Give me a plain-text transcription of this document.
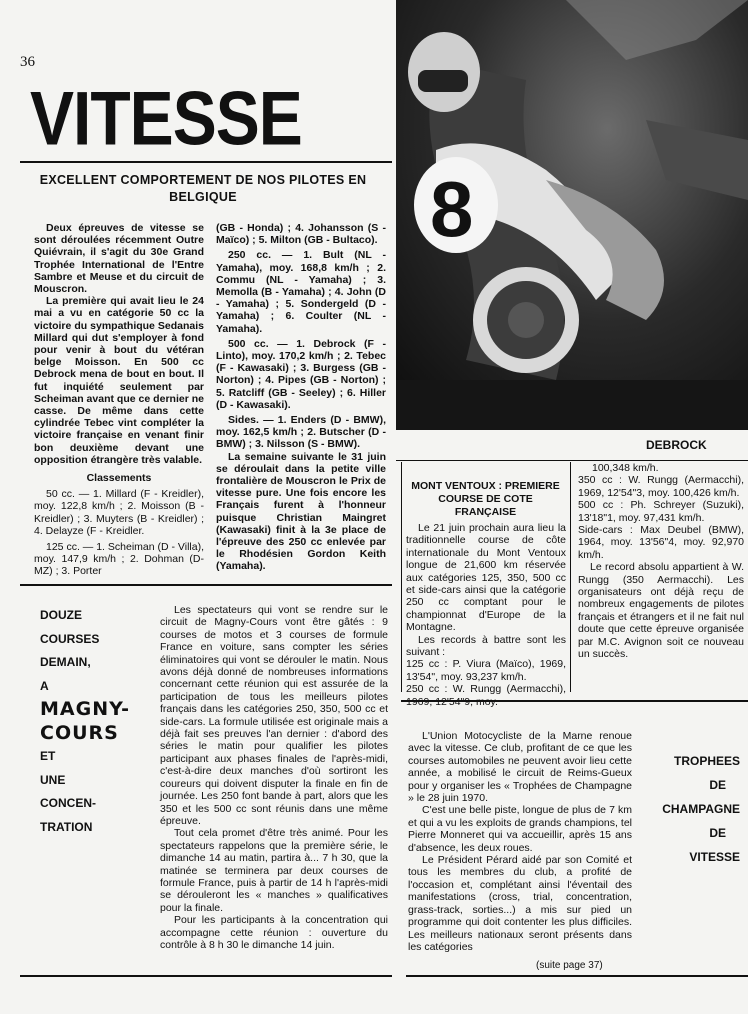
36
VITESSE
EXCELLENT COMPORTEMENT DE NOS PILOTES EN BELGIQUE

Deux épreuves de vitesse se sont déroulées récemment Outre Quiévrain, il s'agit du 30e Grand Trophée International de l'Entre Sambre et Meuse et du circuit de Mouscron.

La première qui avait lieu le 24 mai a vu en catégorie 50 cc la victoire du sympathique Sedanais Millard qui dut s'employer à fond pour venir à bout du vétéran belge Moisson. En 500 cc Debrock mena de bout en bout. Il fut inquiété seulement par Scheiman avant que ce dernier ne casse. De même dans cette cylindrée Tebec vint compléter la victoire française en venant finir bon deuxième devant une opposition étrangère très valable.

Classements

50 cc. — 1. Millard (F - Kreidler), moy. 122,8 km/h ; 2. Moisson (B - Kreidler) ; 3. Muyters (B - Kreidler) ; 4. Delayze (F - Kreidler.

125 cc. — 1. Scheiman (D - Villa), moy. 147,9 km/h ; 2. Dohman (D- MZ) ; 3. Porter

(GB - Honda) ; 4. Johansson (S - Maïco) ; 5. Milton (GB - Bultaco).

250 cc. — 1. Bult (NL - Yamaha), moy. 168,8 km/h ; 2. Commu (NL - Yamaha) ; 3. Memolla (B - Yamaha) ; 4. John (D - Yamaha) ; 5. Sondergeld (D - Yamaha) ; 6. Coulter (NL - Yamaha).

500 cc. — 1. Debrock (F - Linto), moy. 170,2 km/h ; 2. Tebec (F - Kawasaki) ; 3. Burgess (GB - Norton) ; 4. Pipes (GB - Norton) ; 5. Ratcliff (GB - Seeley) ; 6. Hiller (D - Kawasaki).

Sides. — 1. Enders (D - BMW), moy. 162,5 km/h ; 2. Butscher (D - BMW) ; 3. Nilsson (S - BMW).

La semaine suivante le 31 juin se déroulait dans la petite ville frontalière de Mouscron le Prix de vitesse pure. Une fois encore les Français furent à l'honneur puisque Christian Maingret (Kawasaki) finit à la 3e place de l'épreuve des 250 cc enlevée par le Rhodésien Gordon Keith (Yamaha).

8
DEBROCK
MONT VENTOUX : PREMIERE COURSE DE COTE FRANÇAISE
Le 21 juin prochain aura lieu la traditionnelle course de côte internationale du Mont Ventoux longue de 21,600 km réservée aux catégories 125, 350, 500 cc et side-cars ainsi que la catégorie 250 cc comptant pour le championnat d'Europe de la Montagne.
Les records à battre sont les suivant :
125 cc : P. Viura (Maïco), 1969, 13'54", moy. 93,237 km/h.
250 cc : W. Rungg (Aermacchi), 1969, 12'54"9, moy.
100,348 km/h.
350 cc : W. Rungg (Aermacchi), 1969, 12'54"3, moy. 100,426 km/h.
500 cc : Ph. Schreyer (Suzuki), 13'18"1, moy. 97,431 km/h.
Side-cars : Max Deubel (BMW), 1964, moy. 13'56"4, moy. 92,970 km/h.
Le record absolu appartient à W. Rungg (350 Aermacchi). Les organisateurs ont déjà reçu de nombreux engagements de pilotes français et étrangers et il ne fait nul doute que cette épreuve organisée par M.C. Avignon soit ce nouveau un succès.
DOUZE
COURSES
DEMAIN,
A
MAGNY-
COURS
ET
UNE
CONCEN-
TRATION
Les spectateurs qui vont se rendre sur le circuit de Magny-Cours vont être gâtés : 9 courses de motos et 3 courses de formule France en voiture, sans compter les séries éliminatoires qui vont se dérouler le matin. Nous avons déjà donné de nombreuses informations concernant cette réunion qui est assurée de la participation de tous les meilleurs pilotes français dans les catégories 250, 350, 500 cc et side-cars. La formule utilisée est originale mais a déjà fait ses preuves l'an dernier : d'abord des séries le matin pour qualifier les pilotes participant aux phases finales de l'après-midi, c'est-à-dire deux manches d'où sortiront les coureurs qui doivent disputer la finale en fin de journée. Les 250 font bande à part, alors que les 350 et les 500 cc sont réunis dans une même épreuve.
Tout cela promet d'être très animé. Pour les spectateurs rappelons que la première série, le dimanche 14 au matin, partira à... 7 h 30, que la matinée se terminera par deux courses de formule France, puis à partir de 14 h l'après-midi se dérouleront les « manches » qualificatives pour la finale.
Pour les participants à la concentration qui accompagne cette réunion : ouverture du contrôle à 8 h 30 le dimanche 14 juin.
L'Union Motocycliste de la Marne renoue avec la vitesse. Ce club, profitant de ce que les courses automobiles ne peuvent avoir lieu cette année, a mobilisé le circuit de Reims-Gueux pour y organiser les « Trophées de Champagne » le 28 juin 1970.
C'est une belle piste, longue de plus de 7 km et qui a vu les exploits de grands champions, tel Pierre Monneret qui va accueillir, après 15 ans d'absence, les deux roues.
Le Président Pérard aidé par son Comité et tous les membres du club, a profité de l'occasion et, complétant ainsi l'éventail des manifestations (cross, trial, concentration, grass-track, sorties...) a mis sur pied un programme qui doit contenter les plus difficiles. Les meilleurs nationaux seront présents dans les catégories
TROPHEES
DE
CHAMPAGNE
DE
VITESSE
(suite page 37)
